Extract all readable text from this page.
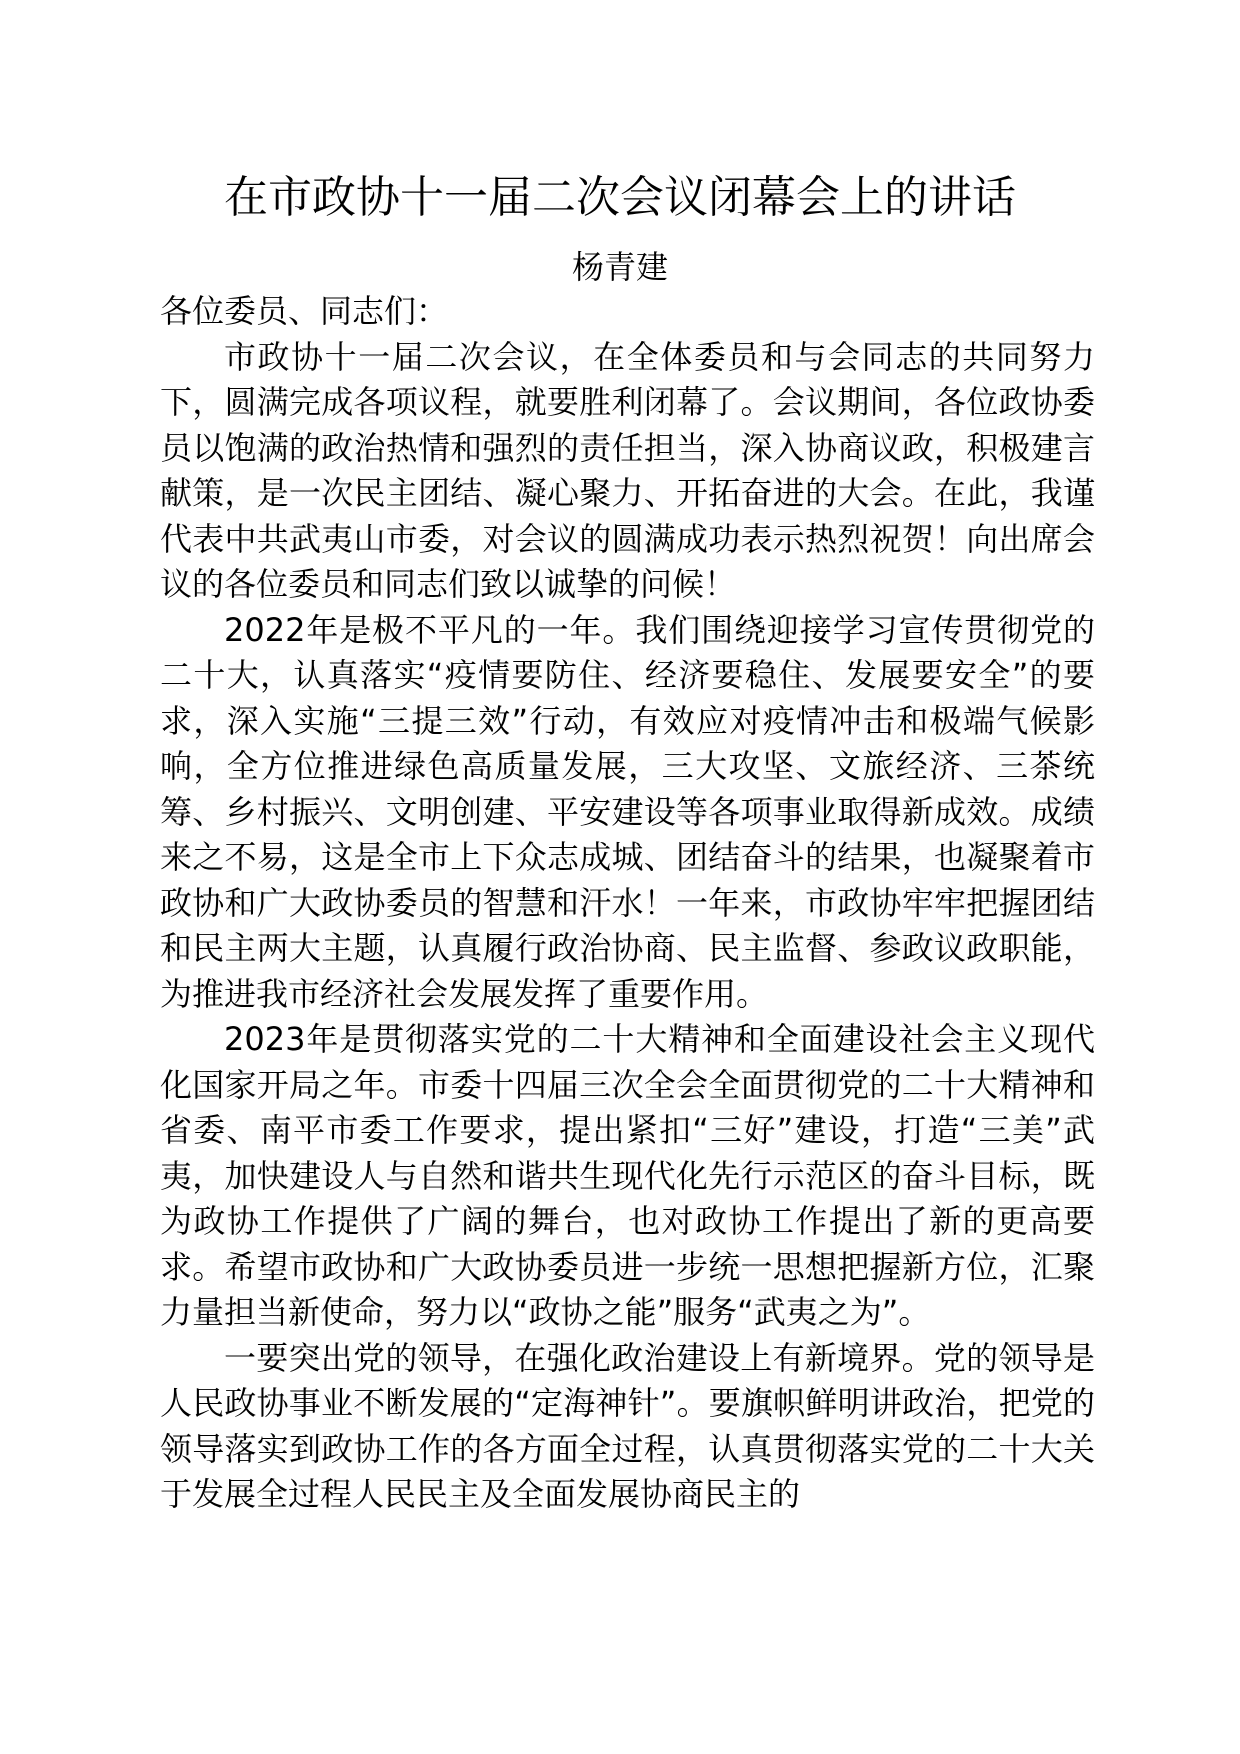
在市政协十一届二次会议闭幕会上的讲话
杨青建

各位委员、同志们：

市政协十一届二次会议，在全体委员和与会同志的共同努力下，圆满完成各项议程，就要胜利闭幕了。会议期间，各位政协委员以饱满的政治热情和强烈的责任担当，深入协商议政，积极建言献策，是一次民主团结、凝心聚力、开拓奋进的大会。在此，我谨代表中共武夷山市委，对会议的圆满成功表示热烈祝贺！向出席会议的各位委员和同志们致以诚挚的问候！

2022年是极不平凡的一年。我们围绕迎接学习宣传贯彻党的二十大，认真落实“疫情要防住、经济要稳住、发展要安全”的要求，深入实施“三提三效”行动，有效应对疫情冲击和极端气候影响，全方位推进绿色高质量发展，三大攻坚、文旅经济、三茶统筹、乡村振兴、文明创建、平安建设等各项事业取得新成效。成绩来之不易，这是全市上下众志成城、团结奋斗的结果，也凝聚着市政协和广大政协委员的智慧和汗水！一年来，市政协牢牢把握团结和民主两大主题，认真履行政治协商、民主监督、参政议政职能，为推进我市经济社会发展发挥了重要作用。

2023年是贯彻落实党的二十大精神和全面建设社会主义现代化国家开局之年。市委十四届三次全会全面贯彻党的二十大精神和省委、南平市委工作要求，提出紧扣“三好”建设，打造“三美”武夷，加快建设人与自然和谐共生现代化先行示范区的奋斗目标，既为政协工作提供了广阔的舞台，也对政协工作提出了新的更高要求。希望市政协和广大政协委员进一步统一思想把握新方位，汇聚力量担当新使命，努力以“政协之能”服务“武夷之为”。

一要突出党的领导，在强化政治建设上有新境界。党的领导是人民政协事业不断发展的“定海神针”。要旗帜鲜明讲政治，把党的领导落实到政协工作的各方面全过程，认真贯彻落实党的二十大关于发展全过程人民民主及全面发展协商民主的
